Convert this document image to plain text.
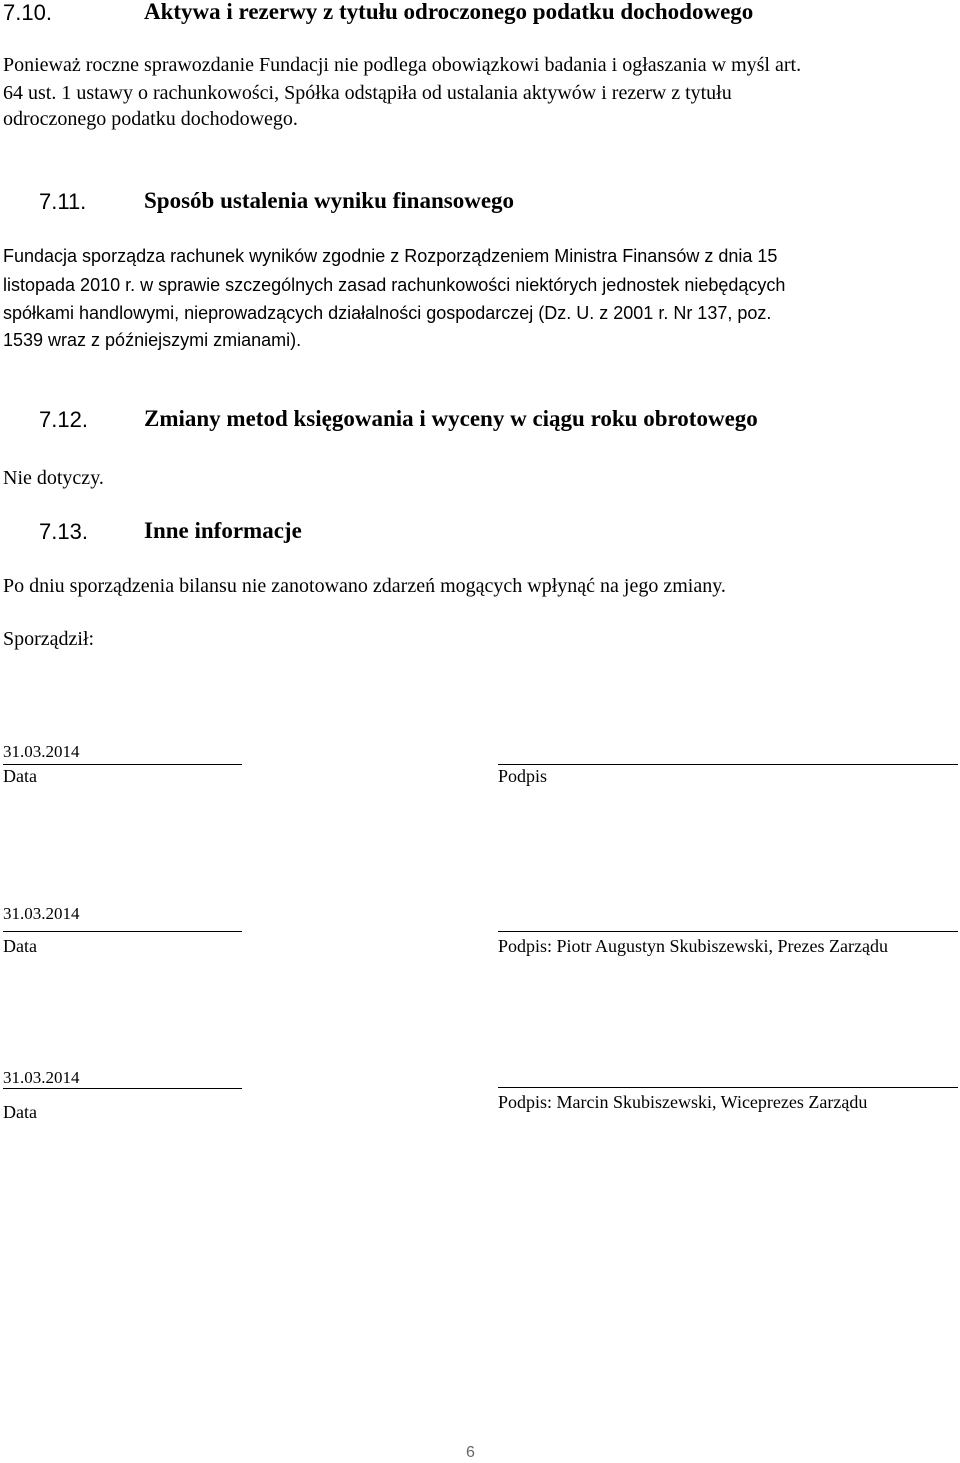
7.10.	Aktywa i rezerwy z tytułu odroczonego podatku dochodowego
Ponieważ roczne sprawozdanie Fundacji nie podlega obowiązkowi badania i ogłaszania w myśl art.
64 ust. 1 ustawy o rachunkowości, Spółka odstąpiła od ustalania aktywów i rezerw z tytułu
odroczonego podatku dochodowego.
7.11.	Sposób ustalenia wyniku finansowego
Fundacja sporządza rachunek wyników zgodnie z Rozporządzeniem Ministra Finansów z dnia 15
listopada 2010 r. w sprawie szczególnych zasad rachunkowości niektórych jednostek niebędących
spółkami handlowymi, nieprowadzących działalności gospodarczej (Dz. U. z 2001 r. Nr 137, poz.
1539 wraz z późniejszymi zmianami).
7.12. Zmiany metod księgowania i wyceny w ciągu roku obrotowego
Nie dotyczy.
7.13. Inne informacje
Po dniu sporządzenia bilansu nie zanotowano zdarzeń mogących wpłynąć na jego zmiany.
Sporządził:
31.03.2014
Data	Podpis
31.03.2014
Data	Podpis: Piotr Augustyn Skubiszewski, Prezes Zarządu
31.03.2014
Data	Podpis: Marcin Skubiszewski, Wiceprezes Zarządu
6
